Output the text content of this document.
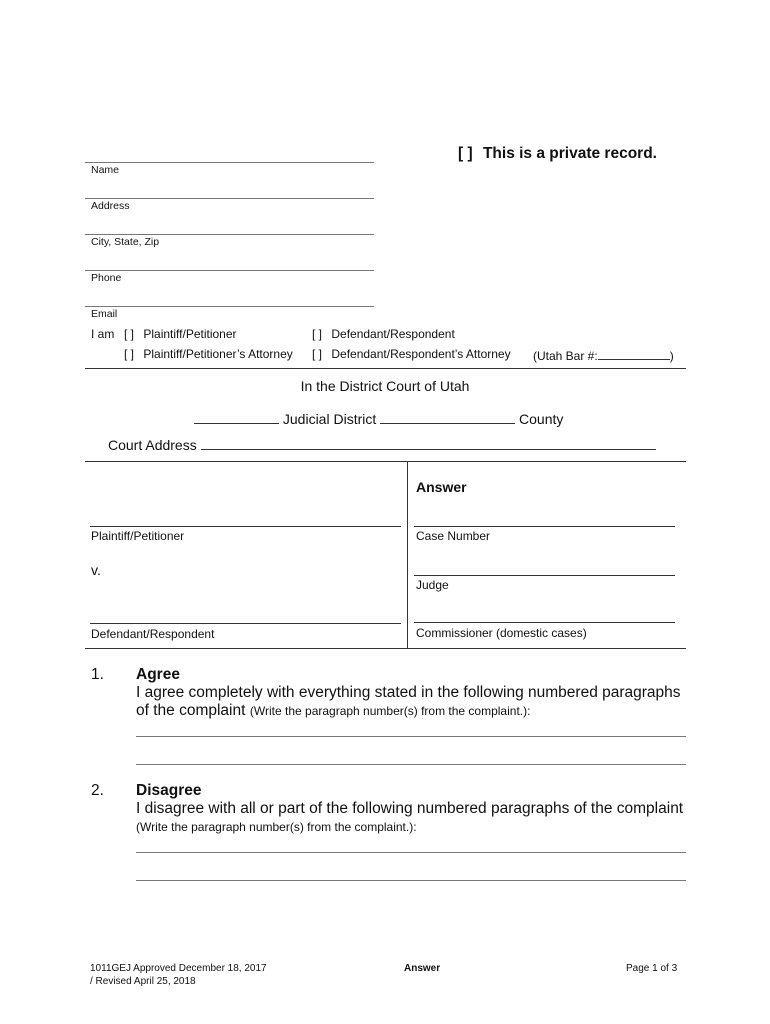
[ ] This is a private record.
Name
Address
City, State, Zip
Phone
Email
I am [ ] Plaintiff/Petitioner	[ ] Defendant/Respondent
[ ] Plaintiff/Petitioner’s Attorney [ ] Defendant/Respondent’s Attorney (Utah Bar #:	)
In the District Court of Utah
Judicial District	County
Court Address
Answer
Plaintiff/Petitioner
v.
Defendant/Respondent
Case Number
Judge
Commissioner (domestic cases)
1. Agree
I agree completely with everything stated in the following numbered paragraphs
of the complaint (Write the paragraph number(s) from the complaint.):
2. Disagree
I disagree with all or part of the following numbered paragraphs of the complaint
(Write the paragraph number(s) from the complaint.):
1011GEJ Approved December 18, 2017
/ Revised April 25, 2018
Answer	Page 1 of 3
